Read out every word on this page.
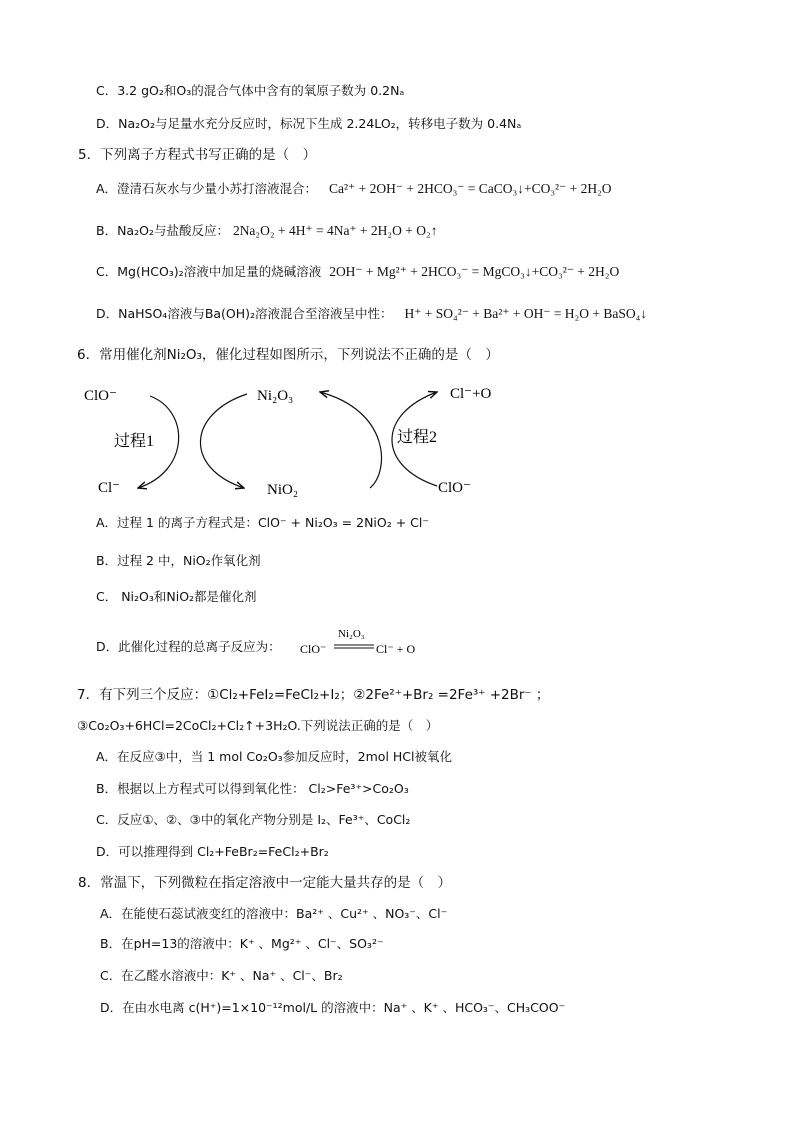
C．3.2 gO₂和O₃的混合气体中含有的氧原子数为 0.2Nₐ
D．Na₂O₂与足量水充分反应时，标况下生成 2.24LO₂，转移电子数为 0.4Nₐ
5．下列离子方程式书写正确的是（　）
A．澄清石灰水与少量小苏打溶液混合： Ca²⁺ + 2OH⁻ + 2HCO₃⁻ = CaCO₃↓+CO₃²⁻ + 2H₂O
B．Na₂O₂与盐酸反应： 2Na₂O₂ + 4H⁺ = 4Na⁺ + 2H₂O + O₂↑
C．Mg(HCO₃)₂溶液中加足量的烧碱溶液 2OH⁻ + Mg²⁺ + 2HCO₃⁻ = MgCO₃↓+CO₃²⁻ + 2H₂O
D．NaHSO₄溶液与Ba(OH)₂溶液混合至溶液呈中性： H⁺ + SO₄²⁻ + Ba²⁺ + OH⁻ = H₂O + BaSO₄↓
6．常用催化剂Ni₂O₃，催化过程如图所示，下列说法不正确的是（　）
ClO⁻	Ni₂O₃	Cl⁻+O
过程1	过程2
Cl⁻	NiO₂	ClO⁻
A．过程 1 的离子方程式是：ClO⁻ + Ni₂O₃ = 2NiO₂ + Cl⁻
B．过程 2 中，NiO₂作氧化剂
C． Ni₂O₃和NiO₂都是催化剂
D．此催化过程的总离子反应为： ClO⁻
Ni₂O₃
Cl⁻ + O
7．有下列三个反应：①Cl₂+FeI₂=FeCl₂+I₂；②2Fe²⁺+Br₂ =2Fe³⁺ +2Br⁻ ；
③Co₂O₃+6HCl=2CoCl₂+Cl₂↑+3H₂O.下列说法正确的是（　）
A．在反应③中，当 1 mol Co₂O₃参加反应时，2mol HCl被氧化
B．根据以上方程式可以得到氧化性： Cl₂>Fe³⁺>Co₂O₃
C．反应①、②、③中的氧化产物分别是 I₂、Fe³⁺、CoCl₂
D．可以推理得到 Cl₂+FeBr₂=FeCl₂+Br₂
8．常温下，下列微粒在指定溶液中一定能大量共存的是（　）
A．在能使石蕊试液变红的溶液中：Ba²⁺ 、Cu²⁺ 、NO₃⁻、Cl⁻
B．在pH=13的溶液中：K⁺ 、Mg²⁺ 、Cl⁻、SO₃²⁻
C．在乙醛水溶液中：K⁺ 、Na⁺ 、Cl⁻、Br₂
D．在由水电离 c(H⁺)=1×10⁻¹²mol/L 的溶液中：Na⁺ 、K⁺ 、HCO₃⁻、CH₃COO⁻
